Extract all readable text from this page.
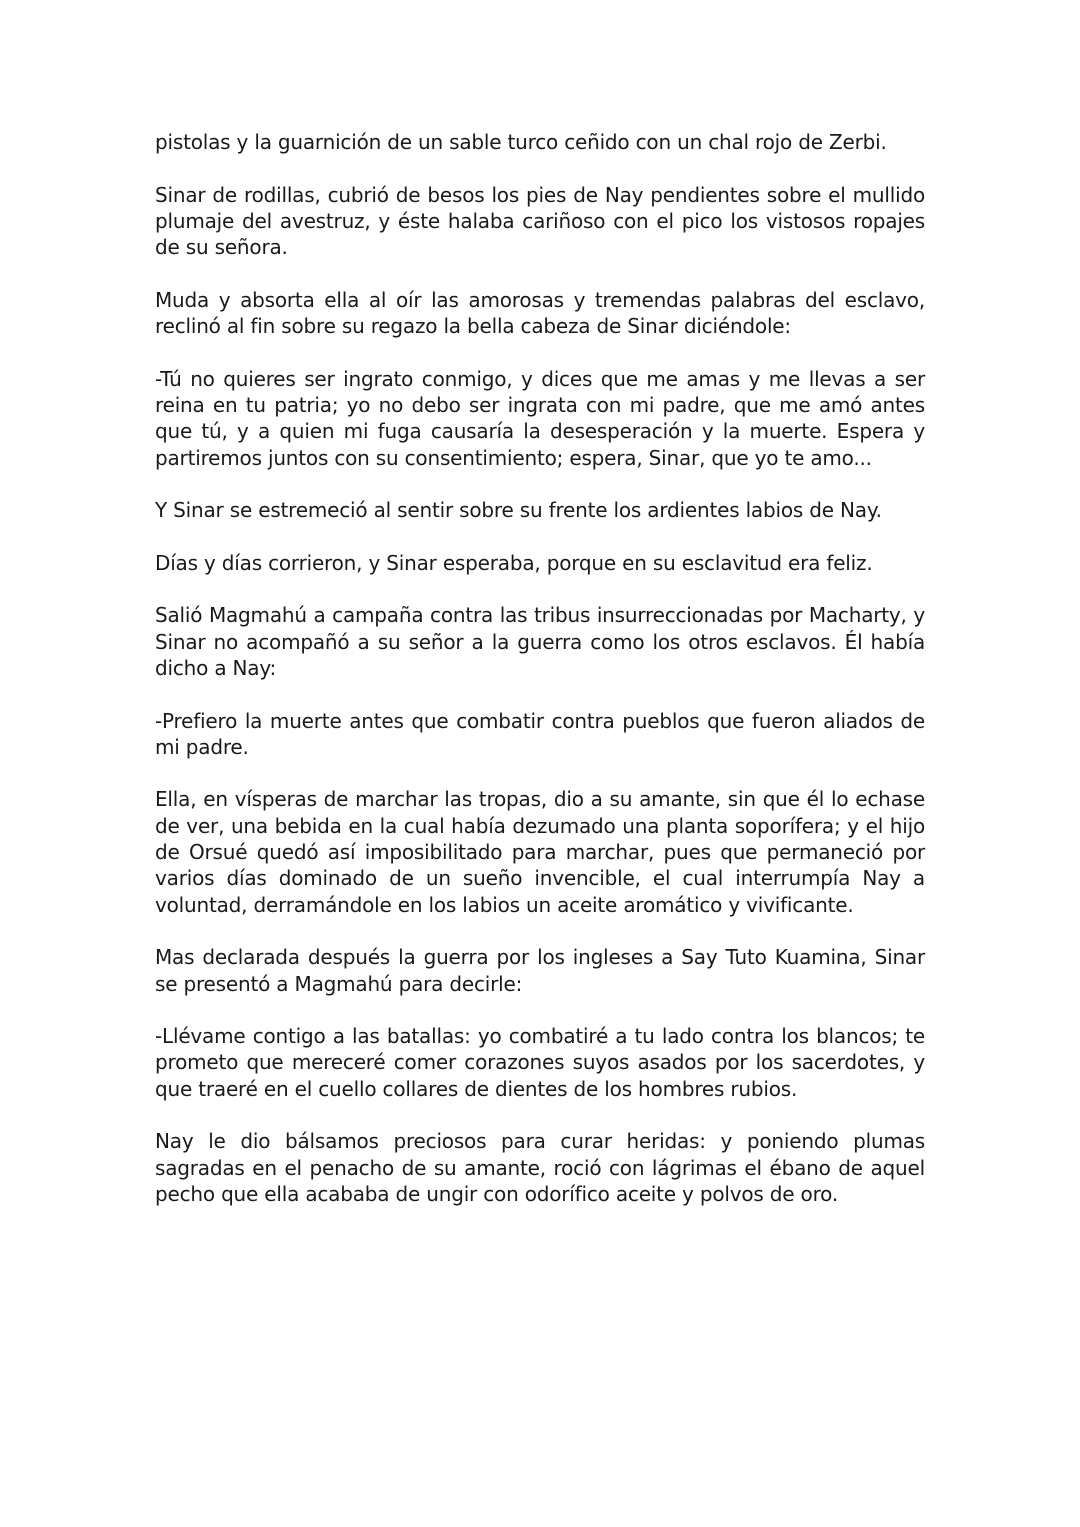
pistolas y la guarnición de un sable turco ceñido con un chal rojo de Zerbi.

Sinar de rodillas, cubrió de besos los pies de Nay pendientes sobre el mullido plumaje del avestruz, y éste halaba cariñoso con el pico los vistosos ropajes de su señora.

Muda y absorta ella al oír las amorosas y tremendas palabras del esclavo, reclinó al fin sobre su regazo la bella cabeza de Sinar diciéndole:

-Tú no quieres ser ingrato conmigo, y dices que me amas y me llevas a ser reina en tu patria; yo no debo ser ingrata con mi padre, que me amó antes que tú, y a quien mi fuga causaría la desesperación y la muerte. Espera y partiremos juntos con su consentimiento; espera, Sinar, que yo te amo...

Y Sinar se estremeció al sentir sobre su frente los ardientes labios de Nay.

Días y días corrieron, y Sinar esperaba, porque en su esclavitud era feliz.

Salió Magmahú a campaña contra las tribus insurreccionadas por Macharty, y Sinar no acompañó a su señor a la guerra como los otros esclavos. Él había dicho a Nay:

-Prefiero la muerte antes que combatir contra pueblos que fueron aliados de mi padre.

Ella, en vísperas de marchar las tropas, dio a su amante, sin que él lo echase de ver, una bebida en la cual había dezumado una planta soporífera; y el hijo de Orsué quedó así imposibilitado para marchar, pues que permaneció por varios días dominado de un sueño invencible, el cual interrumpía Nay a voluntad, derramándole en los labios un aceite aromático y vivificante.

Mas declarada después la guerra por los ingleses a Say Tuto Kuamina, Sinar se presentó a Magmahú para decirle:

-Llévame contigo a las batallas: yo combatiré a tu lado contra los blancos; te prometo que mereceré comer corazones suyos asados por los sacerdotes, y que traeré en el cuello collares de dientes de los hombres rubios.

Nay le dio bálsamos preciosos para curar heridas: y poniendo plumas sagradas en el penacho de su amante, roció con lágrimas el ébano de aquel pecho que ella acababa de ungir con odorífico aceite y polvos de oro.
